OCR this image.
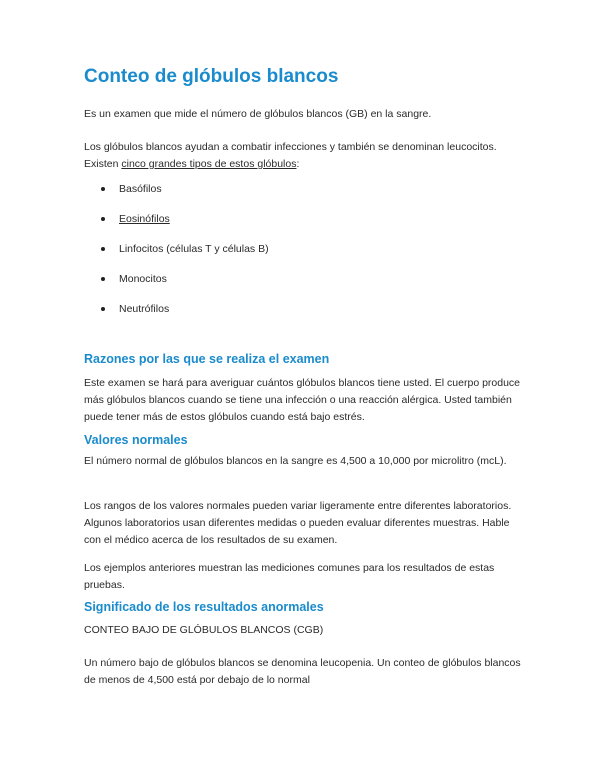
Conteo de glóbulos blancos

Es un examen que mide el número de glóbulos blancos (GB) en la sangre.

Los glóbulos blancos ayudan a combatir infecciones y también se denominan leucocitos.
Existen cinco grandes tipos de estos glóbulos:

Basófilos
Eosinófilos
Linfocitos (células T y células B)
Monocitos
Neutrófilos
Razones por las que se realiza el examen

Este examen se hará para averiguar cuántos glóbulos blancos tiene usted. El cuerpo produce más glóbulos blancos cuando se tiene una infección o una reacción alérgica. Usted también puede tener más de estos glóbulos cuando está bajo estrés.

Valores normales

El número normal de glóbulos blancos en la sangre es 4,500 a 10,000 por microlitro (mcL).

Los rangos de los valores normales pueden variar ligeramente entre diferentes laboratorios. Algunos laboratorios usan diferentes medidas o pueden evaluar diferentes muestras. Hable con el médico acerca de los resultados de su examen.

Los ejemplos anteriores muestran las mediciones comunes para los resultados de estas pruebas.

Significado de los resultados anormales

CONTEO BAJO DE GLÓBULOS BLANCOS (CGB)

Un número bajo de glóbulos blancos se denomina leucopenia. Un conteo de glóbulos blancos de menos de 4,500 está por debajo de lo normal
